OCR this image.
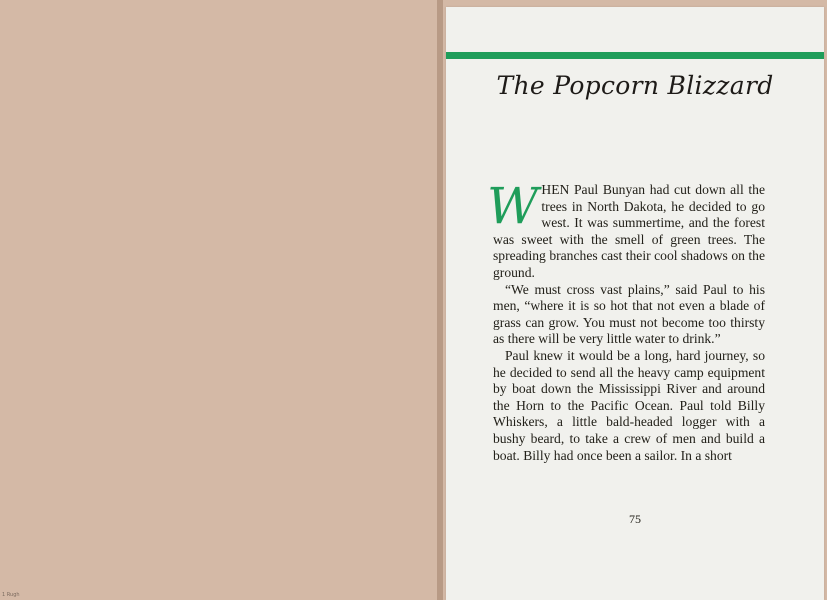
The Popcorn Blizzard

WHEN Paul Bunyan had cut down all the trees in North Dakota, he decided to go west. It was summertime, and the forest was sweet with the smell of green trees. The spreading branches cast their cool shadows on the ground.

“We must cross vast plains,” said Paul to his men, “where it is so hot that not even a blade of grass can grow. You must not become too thirsty as there will be very little water to drink.”

Paul knew it would be a long, hard journey, so he decided to send all the heavy camp equipment by boat down the Mississippi River and around the Horn to the Pacific Ocean. Paul told Billy Whiskers, a little bald-headed logger with a bushy beard, to take a crew of men and build a boat. Billy had once been a sailor. In a short

75
1 Rugh
